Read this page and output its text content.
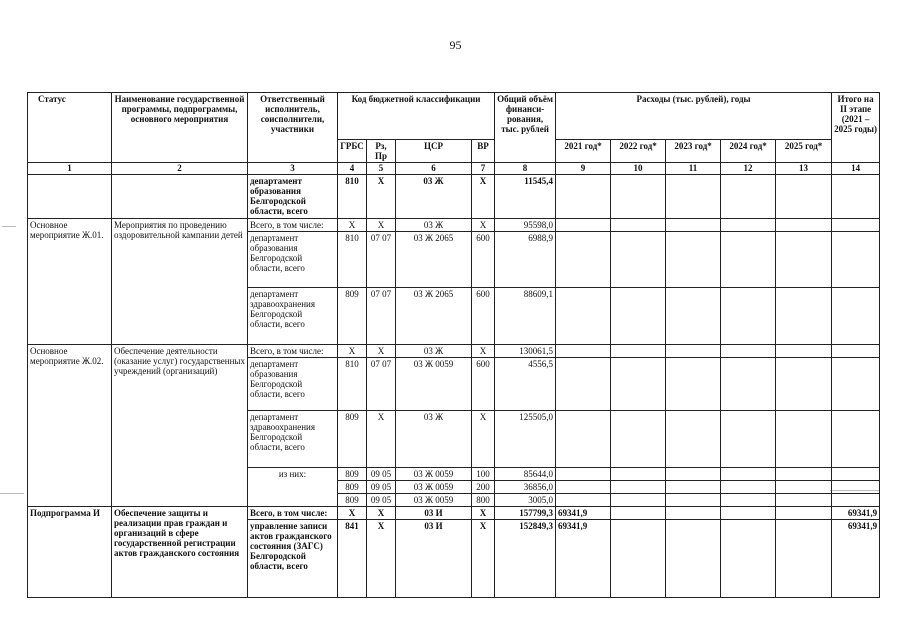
95
Статус	Наименование государственной программы, подпрограммы, основного мероприятия	Ответственный исполнитель, соисполнители, участники	Код бюджетной классификации				Общий объём финанси-рования, тыс. рублей	Расходы (тыс. рублей), годы					Итого на II этапе (2021 – 2025 годы)
			ГРБС	Рз, Пр	ЦСР	ВР		2021 год*	2022 год*	2023 год*	2024 год*	2025 год*	
1	2	3	4	5	6	7	8	9	10	11	12	13	14
		департамент образования Белгородской области, всего	810	Х	03 Ж	Х	11545,4						
Основное мероприятие Ж.01.	Мероприятия по проведению оздоровительной кампании детей	Всего, в том числе:	Х	Х	03 Ж	Х	95598,0						
		департамент образования Белгородской области, всего	810	07 07	03 Ж 2065	600	6988,9						
		департамент здравоохранения Белгородской области, всего	809	07 07	03 Ж 2065	600	88609,1						
Основное мероприятие Ж.02.	Обеспечение деятельности (оказание услуг) государственных учреждений (организаций)	Всего, в том числе:	Х	Х	03 Ж	Х	130061,5						
		департамент образования Белгородской области, всего	810	07 07	03 Ж 0059	600	4556,5						
		департамент здравоохранения Белгородской области, всего	809	Х	03 Ж	Х	125505,0						
		из них:	809	09 05	03 Ж 0059	100	85644,0						
			809	09 05	03 Ж 0059	200	36856,0						
			809	09 05	03 Ж 0059	800	3005,0						
Подпрограмма И	Обеспечение защиты и реализации прав граждан и организаций в сфере государственной регистрации актов гражданского состояния	Всего, в том числе:	Х	Х	03 И	Х	157799,3	69341,9					69341,9
		управление записи актов гражданского состояния (ЗАГС) Белгородской области, всего	841	Х	03 И	Х	152849,3	69341,9					69341,9
